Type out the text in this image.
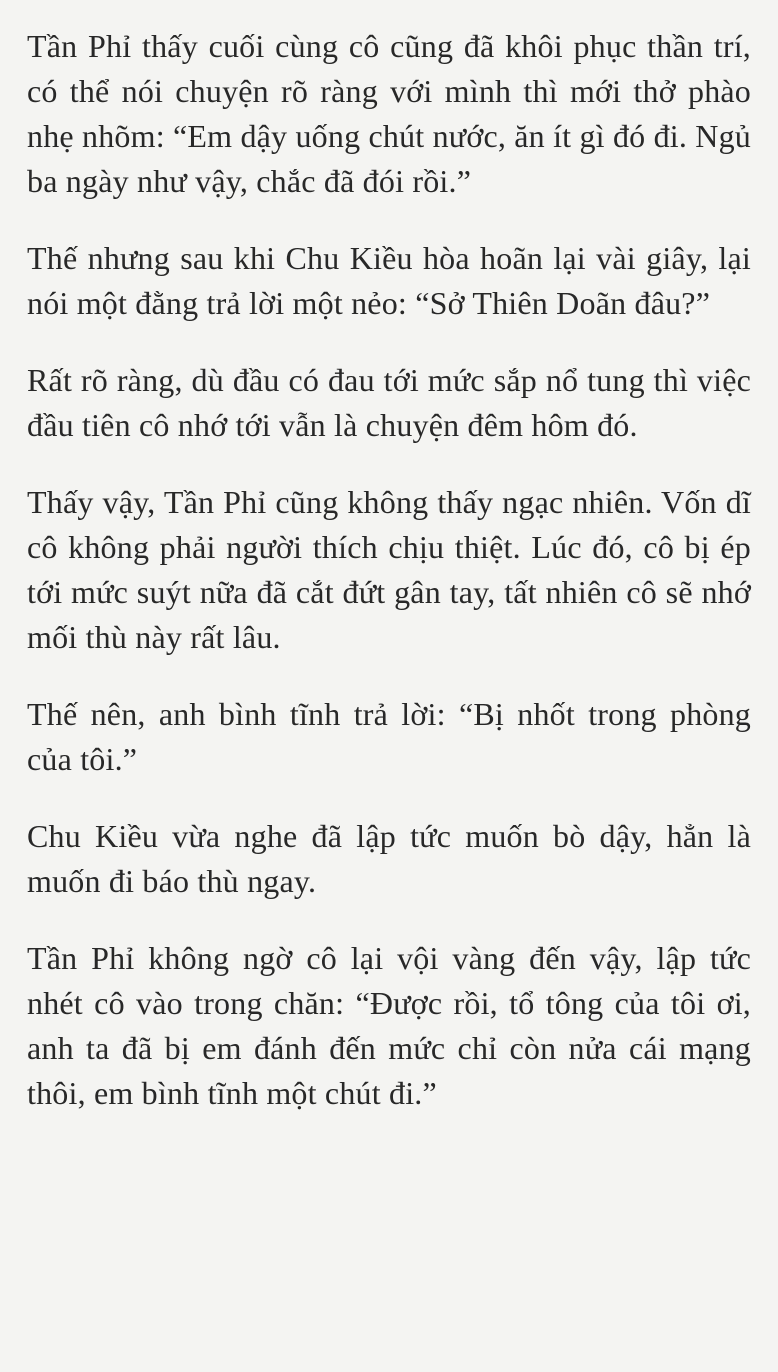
Tần Phỉ thấy cuối cùng cô cũng đã khôi phục thần trí, có thể nói chuyện rõ ràng với mình thì mới thở phào nhẹ nhõm: “Em dậy uống chút nước, ăn ít gì đó đi. Ngủ ba ngày như vậy, chắc đã đói rồi.”

Thế nhưng sau khi Chu Kiều hòa hoãn lại vài giây, lại nói một đằng trả lời một nẻo: “Sở Thiên Doãn đâu?”

Rất rõ ràng, dù đầu có đau tới mức sắp nổ tung thì việc đầu tiên cô nhớ tới vẫn là chuyện đêm hôm đó.

Thấy vậy, Tần Phỉ cũng không thấy ngạc nhiên. Vốn dĩ cô không phải người thích chịu thiệt. Lúc đó, cô bị ép tới mức suýt nữa đã cắt đứt gân tay, tất nhiên cô sẽ nhớ mối thù này rất lâu.

Thế nên, anh bình tĩnh trả lời: “Bị nhốt trong phòng của tôi.”

Chu Kiều vừa nghe đã lập tức muốn bò dậy, hẳn là muốn đi báo thù ngay.

Tần Phỉ không ngờ cô lại vội vàng đến vậy, lập tức nhét cô vào trong chăn: “Được rồi, tổ tông của tôi ơi, anh ta đã bị em đánh đến mức chỉ còn nửa cái mạng thôi, em bình tĩnh một chút đi.”
